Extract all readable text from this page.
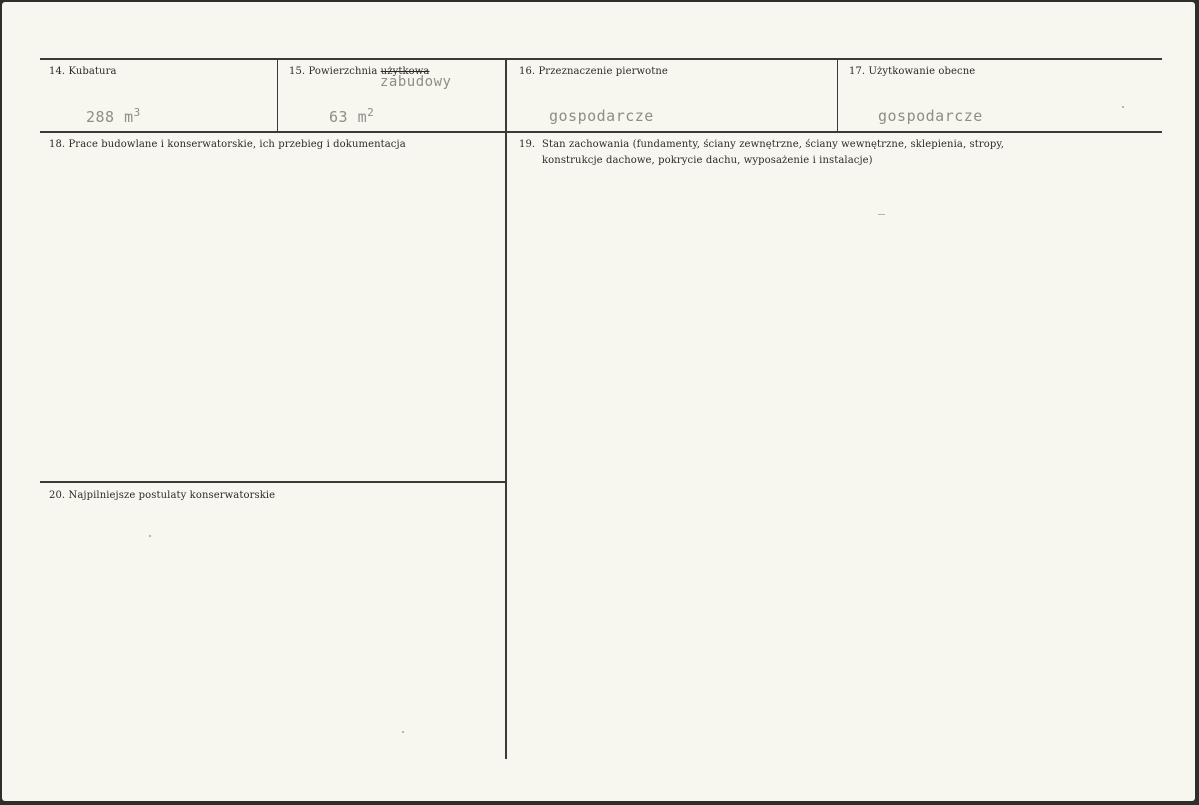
14. Kubatura
288 $m^3$
15. Powierzchnia użytkowa
zabudowy
63 $m^2$
16. Przeznaczenie pierwotne
gospodarcze
17. Użytkowanie obecne
gospodarcze
18. Prace budowlane i konserwatorskie, ich przebieg i dokumentacja	19. Stan zachowania (fundamenty, ściany zewnętrzne, ściany wewnętrzne, sklepienia, stropy,
konstrukcje dachowe, pokrycie dachu, wyposażenie i instalacje)
20. Najpilniejsze postulaty konserwatorskie
